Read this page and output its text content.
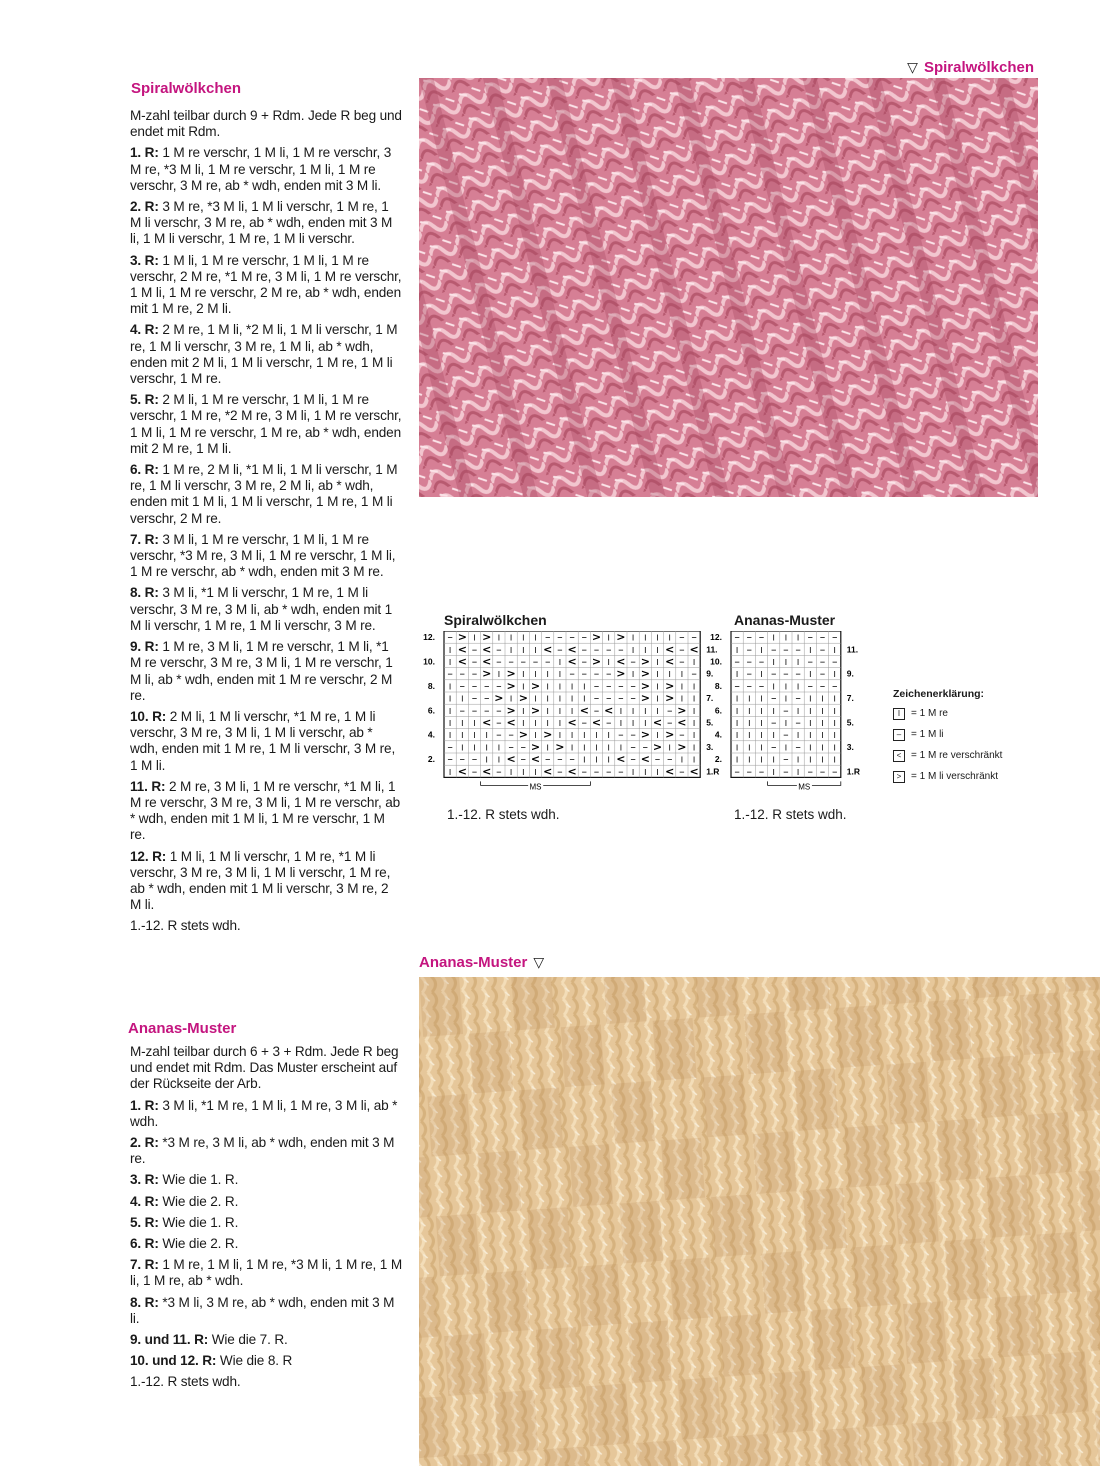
▽ Spiralwölkchen
Spiralwölkchen

M-zahl teilbar durch 9 + Rdm. Jede R beg und endet mit Rdm.

1. R: 1 M re verschr, 1 M li, 1 M re verschr, 3 M re, *3 M li, 1 M re verschr, 1 M li, 1 M re verschr, 3 M re, ab * wdh, enden mit 3 M li.

2. R: 3 M re, *3 M li, 1 M li verschr, 1 M re, 1 M li verschr, 3 M re, ab * wdh, enden mit 3 M li, 1 M li verschr, 1 M re, 1 M li verschr.

3. R: 1 M li, 1 M re verschr, 1 M li, 1 M re verschr, 2 M re, *1 M re, 3 M li, 1 M re verschr, 1 M li, 1 M re verschr, 2 M re, ab * wdh, enden mit 1 M re, 2 M li.

4. R: 2 M re, 1 M li, *2 M li, 1 M li verschr, 1 M re, 1 M li verschr, 3 M re, 1 M li, ab * wdh, enden mit 2 M li, 1 M li verschr, 1 M re, 1 M li verschr, 1 M re.

5. R: 2 M li, 1 M re verschr, 1 M li, 1 M re verschr, 1 M re, *2 M re, 3 M li, 1 M re verschr, 1 M li, 1 M re verschr, 1 M re, ab * wdh, enden mit 2 M re, 1 M li.

6. R: 1 M re, 2 M li, *1 M li, 1 M li verschr, 1 M re, 1 M li verschr, 3 M re, 2 M li, ab * wdh, enden mit 1 M li, 1 M li verschr, 1 M re, 1 M li verschr, 2 M re.

7. R: 3 M li, 1 M re verschr, 1 M li, 1 M re verschr, *3 M re, 3 M li, 1 M re verschr, 1 M li, 1 M re verschr, ab * wdh, enden mit 3 M re.

8. R: 3 M li, *1 M li verschr, 1 M re, 1 M li verschr, 3 M re, 3 M li, ab * wdh, enden mit 1 M li verschr, 1 M re, 1 M li verschr, 3 M re.

9. R: 1 M re, 3 M li, 1 M re verschr, 1 M li, *1 M re verschr, 3 M re, 3 M li, 1 M re verschr, 1 M li, ab * wdh, enden mit 1 M re verschr, 2 M re.

10. R: 2 M li, 1 M li verschr, *1 M re, 1 M li verschr, 3 M re, 3 M li, 1 M li verschr, ab * wdh, enden mit 1 M re, 1 M li verschr, 3 M re, 1 M li.

11. R: 2 M re, 3 M li, 1 M re verschr, *1 M li, 1 M re verschr, 3 M re, 3 M li, 1 M re verschr, ab * wdh, enden mit 1 M li, 1 M re verschr, 1 M re.

12. R: 1 M li, 1 M li verschr, 1 M re, *1 M li verschr, 3 M re, 3 M li, 1 M li verschr, 1 M re, ab * wdh, enden mit 1 M li verschr, 3 M re, 2 M li.

1.-12. R stets wdh.

Ananas-Muster

M-zahl teilbar durch 6 + 3 + Rdm. Jede R beg und endet mit Rdm. Das Muster erscheint auf der Rückseite der Arb.

1. R: 3 M li, *1 M re, 1 M li, 1 M re, 3 M li, ab * wdh.

2. R: *3 M re, 3 M li, ab * wdh, enden mit 3 M re.

3. R: Wie die 1. R.

4. R: Wie die 2. R.

5. R: Wie die 1. R.

6. R: Wie die 2. R.

7. R: 1 M re, 1 M li, 1 M re, *3 M li, 1 M re, 1 M li, 1 M re, ab * wdh.

8. R: *3 M li, 3 M re, ab * wdh, enden mit 3 M li.

9. und 11. R: Wie die 7. R.

10. und 12. R: Wie die 8. R

1.-12. R stets wdh.

Spiralwölkchen
– > I > I I I I – – – – > I > I I I I – –
I < – < – I I I < – < – – – – I I I < – <
I < – < – – – – – I < – > I < – > I < – I
– – – > I > I I I I – – – – > I > I I I –
I – – – – > I > I I I I – – – – > I > I I
I I – – > I > I I I I I – – – – > I > I I
I – – – – > I > I I I < – < I I I I – > I
I I I < – < I I I I < – < – I I I < – < I
I I I I – – > I > I I I I I – – > I > – I
– I I I I – – > I > I I I I I – – > I > I
– – – I I < – < – – – I I I < – < – – I I
I < – < – I I I < – < – – – – I I I < – <
12.
10.
8.
6.
4.
2.
11.
9.
7.
5.
3.
1.R
MS
1.-12. R stets wdh.
Ananas-Muster
– – – I I I – – –
I – I – – – I – I
– – – I I I – – –
I – I – – – I – I
– – – I I I – – –
I I I – I – I I I
I I I I – I I I I
I I I – I – I I I
I I I I – I I I I
I I I – I – I I I
I I I I – I I I I
– – – I – I – – –
12.
10.
8.
6.
4.
2.
11.
9.
7.
5.
3.
1.R
MS
1.-12. R stets wdh.
Zeichenerklärung:
I	= 1 M re
– = 1 M li
< = 1 M re verschränkt
> = 1 M li verschränkt
Ananas-Muster ▽
